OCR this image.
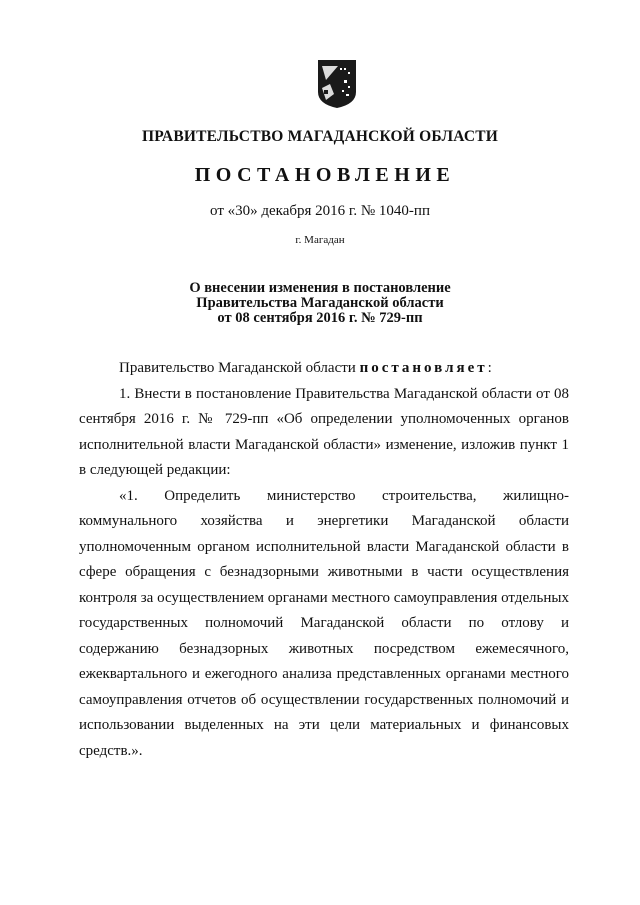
ПРАВИТЕЛЬСТВО МАГАДАНСКОЙ ОБЛАСТИ
ПОСТАНОВЛЕНИЕ
от «30» декабря 2016 г. № 1040-пп
г. Магадан
О внесении изменения в постановление
Правительства Магаданской области
от 08 сентября 2016 г. № 729-пп

Правительство Магаданской области постановляет:

1. Внести в постановление Правительства Магаданской области от 08 сентября 2016 г. № 729-пп «Об определении уполномоченных органов исполнительной власти Магаданской области» изменение, изложив пункт 1 в следующей редакции:

«1. Определить министерство строительства, жилищно-коммунального хозяйства и энергетики Магаданской области уполномоченным органом исполнительной власти Магаданской области в сфере обращения с безнадзорными животными в части осуществления контроля за осуществлением органами местного самоуправления отдельных государственных полномочий Магаданской области по отлову и содержанию безнадзорных животных посредством ежемесячного, ежеквартального и ежегодного анализа представленных органами местного самоуправления отчетов об осуществлении государственных полномочий и использовании выделенных на эти цели материальных и финансовых средств.».
